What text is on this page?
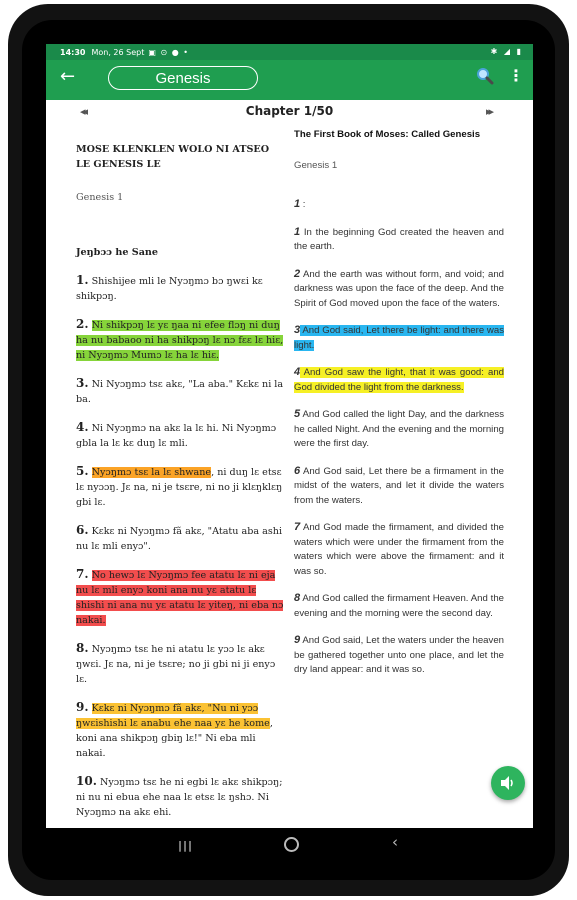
14:30 Mon, 26 Sept ▣ ⊙ ● •	✱ ◢ ▮
←	Genesis	⋮
◂◂	Chapter 1/50	▸▸
MOSE KLENKLEN WOLO NI ATSEO LE GENESIS LE
Genesis 1
Jeŋbɔɔ he Sane
1. Shishijee mli le Nyɔŋmɔ bɔ ŋwɛi kɛ shikpɔŋ.
2. Ni shikpɔŋ lɛ yɛ ŋaa ni efee flɔŋ ni duŋ ha nu babaoo ni ha shikpɔŋ lɛ nɔ fɛɛ lɛ hiɛ, ni Nyɔŋmɔ Mumɔ lɛ ha lɛ hiɛ.
3. Ni Nyɔŋmɔ tsɛ akɛ, "La aba." Kɛkɛ ni la ba.
4. Ni Nyɔŋmɔ na akɛ la lɛ hi. Ni Nyɔŋmɔ gbla la lɛ kɛ duŋ lɛ mli.
5. Nyɔŋmɔ tsɛ la lɛ shwane, ni duŋ lɛ etsɛ lɛ nyɔɔŋ. Jɛ na, ni je tsɛre, ni no ji klɛŋklɛŋ gbi lɛ.
6. Kɛkɛ ni Nyɔŋmɔ fã akɛ, "Atatu aba ashi nu lɛ mli enyɔ".
7. No hewɔ lɛ Nyɔŋmɔ fee atatu lɛ ni eja nu lɛ mli enyɔ koni ana nu yɛ atatu lɛ shishi ni ana nu yɛ atatu lɛ yiteŋ, ni eba nɔ nakai.
8. Nyɔŋmɔ tsɛ he ni atatu lɛ yɔɔ lɛ akɛ ŋwɛi. Jɛ na, ni je tsɛre; no ji gbi ni ji enyɔ lɛ.
9. Kɛkɛ ni Nyɔŋmɔ fã akɛ, "Nu ni yɔɔ ŋwɛishishi lɛ anabu ehe naa yɛ he kome, koni ana shikpɔŋ gbiŋ lɛ!" Ni eba mli nakai.
10. Nyɔŋmɔ tsɛ he ni egbi lɛ akɛ shikpɔŋ; ni nu ni ebua ehe naa lɛ etsɛ lɛ ŋshɔ. Ni Nyɔŋmɔ na akɛ ehi.
The First Book of Moses: Called Genesis
Genesis 1
1 :
1 In the beginning God created the heaven and the earth.
2 And the earth was without form, and void; and darkness was upon the face of the deep. And the Spirit of God moved upon the face of the waters.
3 And God said, Let there be light: and there was light.
4 And God saw the light, that it was good: and God divided the light from the darkness.
5 And God called the light Day, and the darkness he called Night. And the evening and the morning were the first day.
6 And God said, Let there be a firmament in the midst of the waters, and let it divide the waters from the waters.
7 And God made the firmament, and divided the waters which were under the firmament from the waters which were above the firmament: and it was so.
8 And God called the firmament Heaven. And the evening and the morning were the second day.
9 And God said, Let the waters under the heaven be gathered together unto one place, and let the dry land appear: and it was so.
|||	‹
